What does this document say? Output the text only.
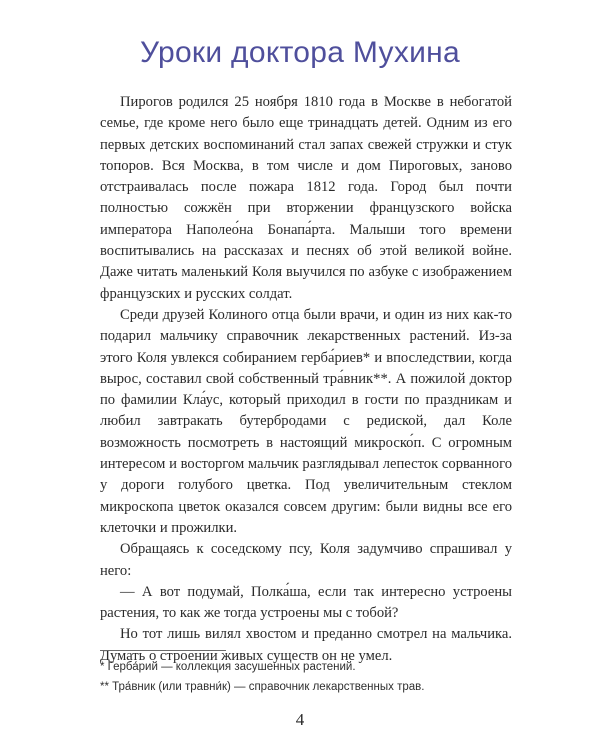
Уроки доктора Мухина

Пирогов родился 25 ноября 1810 года в Москве в небогатой семье, где кроме него было еще тринадцать детей. Одним из его первых детских воспоминаний стал запах свежей стружки и стук топоров. Вся Москва, в том числе и дом Пироговых, заново отстраивалась после пожара 1812 года. Город был почти полностью сожжён при вторжении французского войска императора Наполео́на Бонапа́рта. Малыши того времени воспитывались на рассказах и песнях об этой великой войне. Даже читать маленький Коля выучился по азбуке с изображением французских и русских солдат.

Среди друзей Колиного отца были врачи, и один из них как-то подарил мальчику справочник лекарственных растений. Из-за этого Коля увлекся собиранием герба́риев* и впоследствии, когда вырос, составил свой собственный тра́вник**. А пожилой доктор по фамилии Кла́ус, который приходил в гости по праздникам и любил завтракать бутербродами с редиской, дал Коле возможность посмотреть в настоящий микроско́п. С огромным интересом и восторгом мальчик разглядывал лепесток сорванного у дороги голубого цветка. Под увеличительным стеклом микроскопа цветок оказался совсем другим: были видны все его клеточки и прожилки.

Обращаясь к соседскому псу, Коля задумчиво спрашивал у него:

— А вот подумай, Полка́ша, если так интересно устроены растения, то как же тогда устроены мы с тобой?

Но тот лишь вилял хвостом и преданно смотрел на мальчика. Думать о строении живых существ он не умел.

* Герба́рий — коллекция засушенных растений.
** Тра́вник (или травни́к) — справочник лекарственных трав.
4
